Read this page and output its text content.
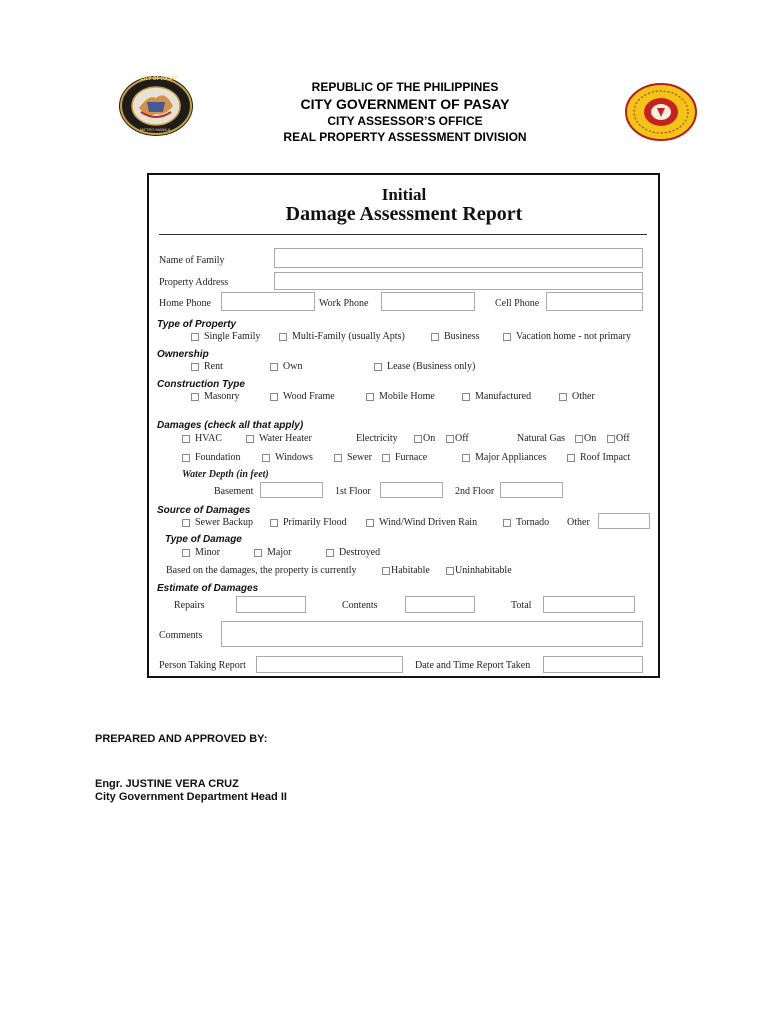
CITY OF PASAY
METRO MANILA
REPUBLIC OF THE PHILIPPINES
CITY GOVERNMENT OF PASAY
CITY ASSESSOR’S OFFICE
REAL PROPERTY ASSESSMENT DIVISION
Initial
Damage Assessment Report
Name of Family
Property Address
Home Phone	Work Phone	Cell Phone
Type of Property
Single Family	Multi-Family (usually Apts)	Business	Vacation home - not primary
Ownership
Rent	Own	Lease (Business only)
Construction Type
Masonry	Wood Frame	Mobile Home	Manufactured	Other
Damages (check all that apply)
HVAC	Water Heater	Electricity	On Off	Natural Gas On Off
Foundation	Windows	Sewer Furnace	Major Appliances	Roof Impact
Water Depth (in feet)
Basement	1st Floor	2nd Floor
Source of Damages
Sewer Backup	Primarily Flood	Wind/Wind Driven Rain	Tornado Other
Type of Damage
Minor	Major	Destroyed
Based on the damages, the property is currently	Habitable	Uninhabitable
Estimate of Damages
Repairs	Contents	Total
Comments
Person Taking Report	Date and Time Report Taken
PREPARED AND APPROVED BY:
Engr. JUSTINE VERA CRUZ
City Government Department Head II
